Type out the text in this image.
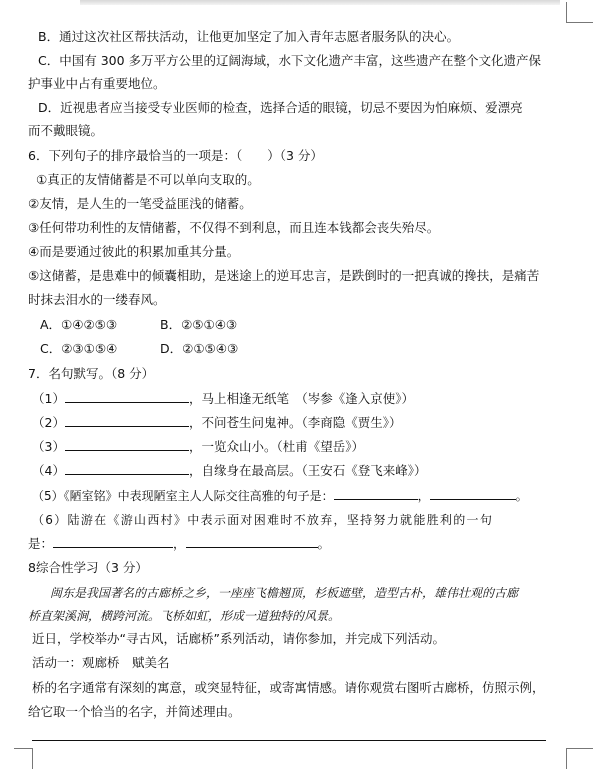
B．通过这次社区帮扶活动，让他更加坚定了加入青年志愿者服务队的决心。
C．中国有 300 多万平方公里的辽阔海域，水下文化遗产丰富，这些遗产在整个文化遗产保
护事业中占有重要地位。
D．近视患者应当接受专业医师的检查，选择合适的眼镜，切忌不要因为怕麻烦、爱漂亮
而不戴眼镜。
6．下列句子的排序最恰当的一项是：（　　）（3 分）
①真正的友情储蓄是不可以单向支取的。
②友情，是人生的一笔受益匪浅的储蓄。
③任何带功利性的友情储蓄，不仅得不到利息，而且连本钱都会丧失殆尽。
④而是要通过彼此的积累加重其分量。
⑤这储蓄，是患难中的倾囊相助，是迷途上的逆耳忠言，是跌倒时的一把真诚的搀扶，是痛苦
时抹去泪水的一缕春风。
A．①④②⑤③	B．②⑤①④③
C．②③①⑤④	D．②①⑤④③
7．名句默写。（8 分）
（1）	，马上相逢无纸笔　（岑参《逢入京使》）
（2）	，不问苍生问鬼神。（李商隐《贾生》）
（3）	，一览众山小。（杜甫《望岳》）
（4）	，自缘身在最高层。（王安石《登飞来峰》）
（5）《陋室铭》中表现陋室主人人际交往高雅的句子是：	，	。
（6）陆游在《游山西村》中表示面对困难时不放弃，坚持努力就能胜利的一句
是：	，	。
8综合性学习（3 分）
闽东是我国著名的古廊桥之乡，一座座飞檐翘顶，杉板遮壁，造型古朴，雄伟壮观的古廊
桥直架溪涧，横跨河流。飞桥如虹，形成一道独特的风景。
近日，学校举办“寻古风，话廊桥”系列活动，请你参加，并完成下列活动。
活动一：观廊桥　赋美名
桥的名字通常有深刻的寓意，或突显特征，或寄寓情感。请你观赏右图听古廊桥，仿照示例，
给它取一个恰当的名字，并简述理由。
